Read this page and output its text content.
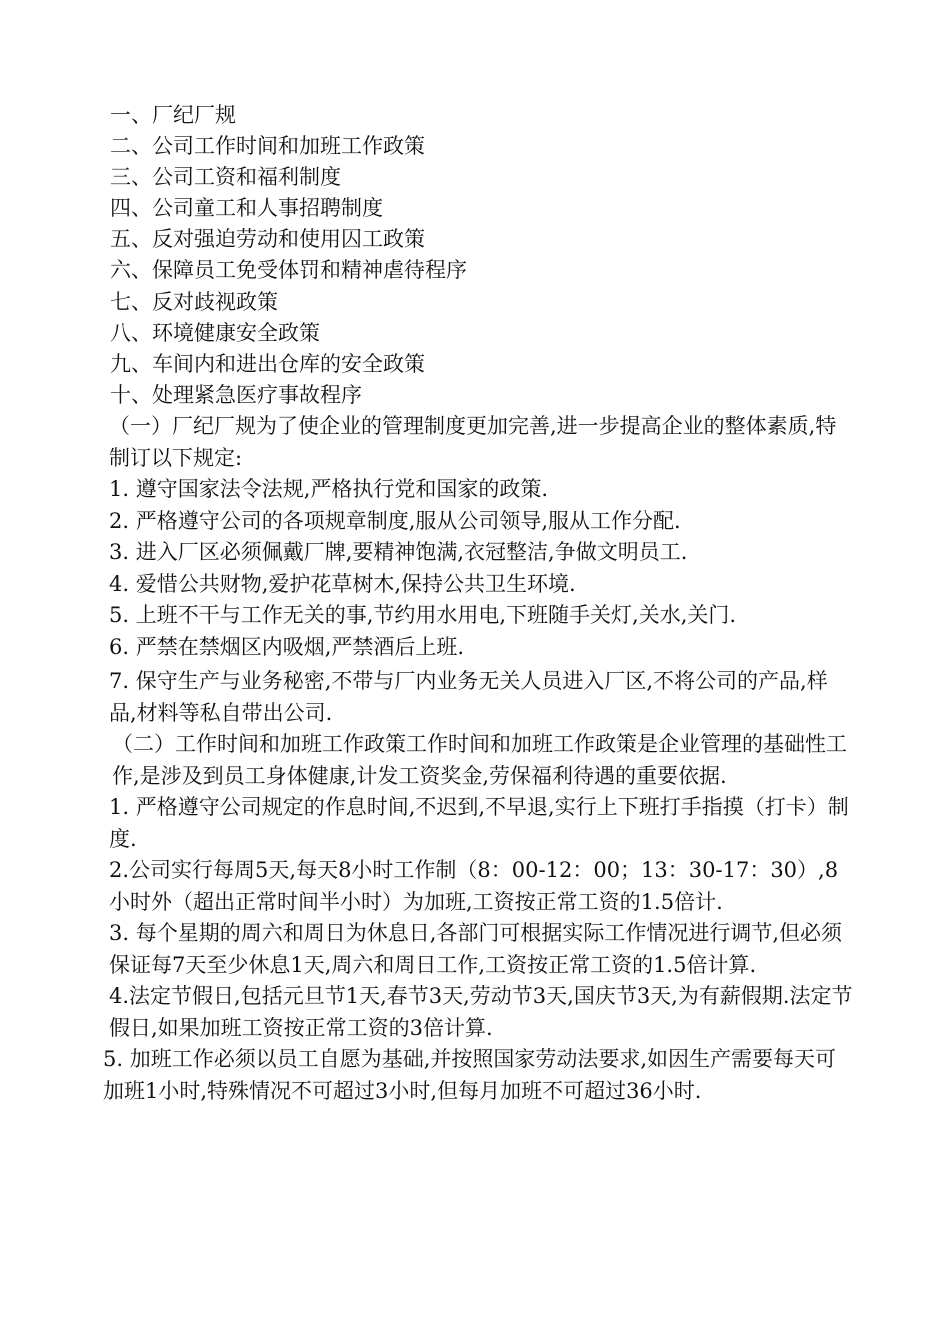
一、厂纪厂规
二、公司工作时间和加班工作政策
三、公司工资和福利制度
四、公司童工和人事招聘制度
五、反对强迫劳动和使用囚工政策
六、保障员工免受体罚和精神虐待程序
七、反对歧视政策
八、环境健康安全政策
九、车间内和进出仓库的安全政策
十、处理紧急医疗事故程序

（一）厂纪厂规为了使企业的管理制度更加完善,进一步提高企业的整体素质,特制订以下规定:

1. 遵守国家法令法规,严格执行党和国家的政策.

2. 严格遵守公司的各项规章制度,服从公司领导,服从工作分配.

3. 进入厂区必须佩戴厂牌,要精神饱满,衣冠整洁,争做文明员工.

4. 爱惜公共财物,爱护花草树木,保持公共卫生环境.

5. 上班不干与工作无关的事,节约用水用电,下班随手关灯,关水,关门.

6. 严禁在禁烟区内吸烟,严禁酒后上班.

7. 保守生产与业务秘密,不带与厂内业务无关人员进入厂区,不将公司的产品,样品,材料等私自带出公司.

（二）工作时间和加班工作政策工作时间和加班工作政策是企业管理的基础性工作,是涉及到员工身体健康,计发工资奖金,劳保福利待遇的重要依据.

1. 严格遵守公司规定的作息时间,不迟到,不早退,实行上下班打手指摸（打卡）制度.

2.公司实行每周5天,每天8小时工作制（8：00-12：00；13：30-17：30）,8小时外（超出正常时间半小时）为加班,工资按正常工资的1.5倍计.

3. 每个星期的周六和周日为休息日,各部门可根据实际工作情况进行调节,但必须保证每7天至少休息1天,周六和周日工作,工资按正常工资的1.5倍计算.

4.法定节假日,包括元旦节1天,春节3天,劳动节3天,国庆节3天,为有薪假期.法定节假日,如果加班工资按正常工资的3倍计算.

5. 加班工作必须以员工自愿为基础,并按照国家劳动法要求,如因生产需要每天可加班1小时,特殊情况不可超过3小时,但每月加班不可超过36小时.
